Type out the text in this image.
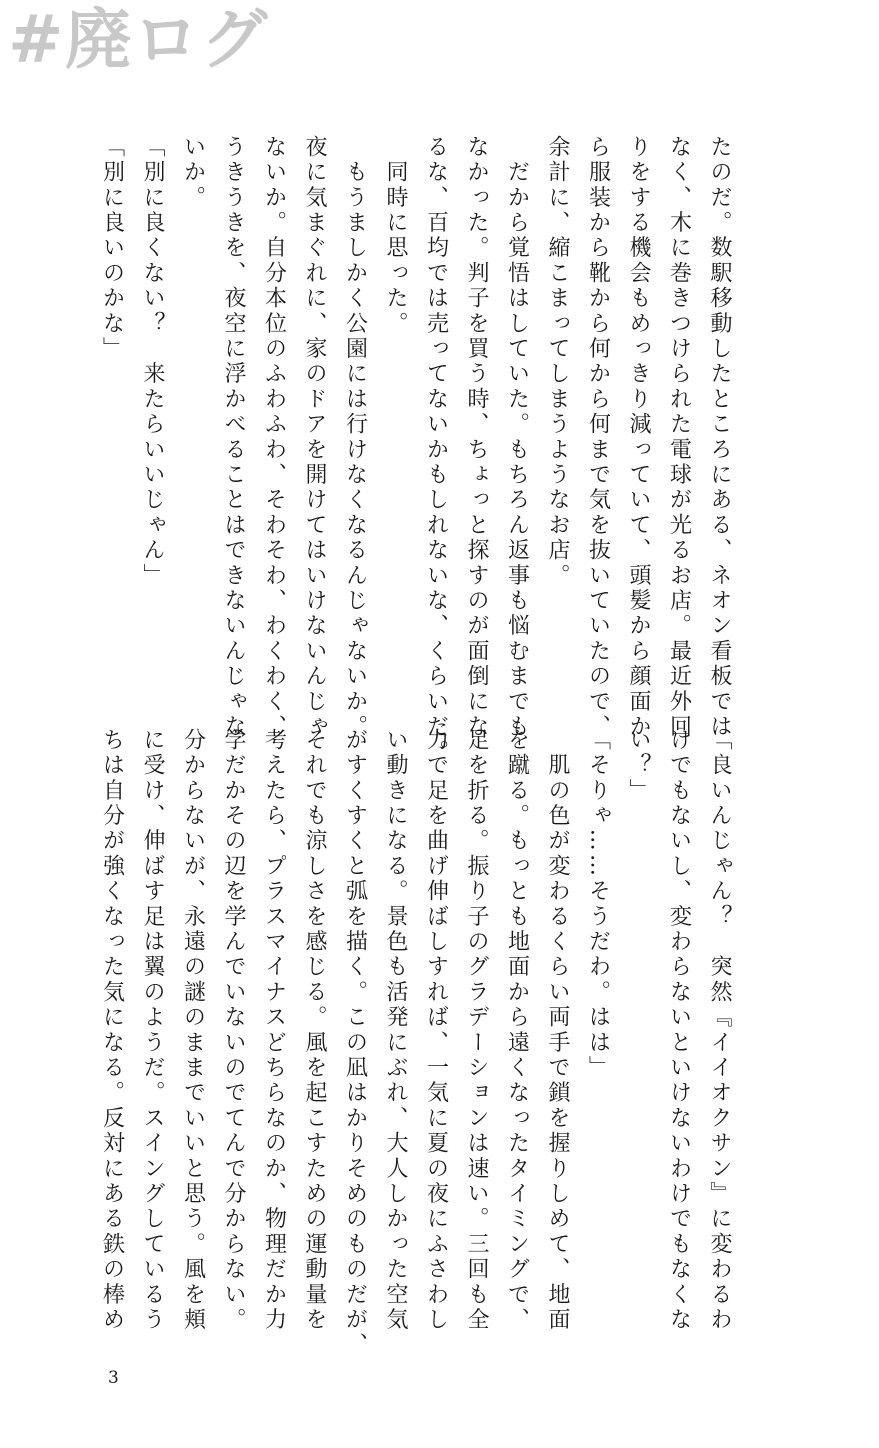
#廃ログ
たのだ。数駅移動したところにある、ネオン看板では
なく、木に巻きつけられた電球が光るお店。最近外回
りをする機会もめっきり減っていて、頭髪から顔面か
ら服装から靴から何から何まで気を抜いていたので、
余計に、縮こまってしまうようなお店。
　だから覚悟はしていた。もちろん返事も悩むまでも
なかった。判子を買う時、ちょっと探すのが面倒にな
るな、百均では売ってないかもしれないな、くらいだ。
　同時に思った。
　もうましかく公園には行けなくなるんじゃないか。
夜に気まぐれに、家のドアを開けてはいけないんじゃ
ないか。自分本位のふわふわ、そわそわ、わくわく、
うきうきを、夜空に浮かべることはできないんじゃな
いか。
「別に良くない？　来たらいいじゃん」
「別に良いのかな」
「良いんじゃん？　突然『イイオクサン』に変わるわ
けでもないし、変わらないといけないわけでもなくな
い？」
「そりゃ……そうだわ。はは」
　肌の色が変わるくらい両手で鎖を握りしめて、地面
を蹴る。もっとも地面から遠くなったタイミングで、
足を折る。振り子のグラデーションは速い。三回も全
力で足を曲げ伸ばしすれば、一気に夏の夜にふさわし
い動きになる。景色も活発にぶれ、大人しかった空気
がすくすくと弧を描く。この凪はかりそめのものだが、
それでも涼しさを感じる。風を起こすための運動量を
考えたら、プラスマイナスどちらなのか、物理だか力
学だかその辺を学んでいないのでてんで分からない。
分からないが、永遠の謎のままでいいと思う。風を頬
に受け、伸ばす足は翼のようだ。スイングしているう
ちは自分が強くなった気になる。反対にある鉄の棒め
3
